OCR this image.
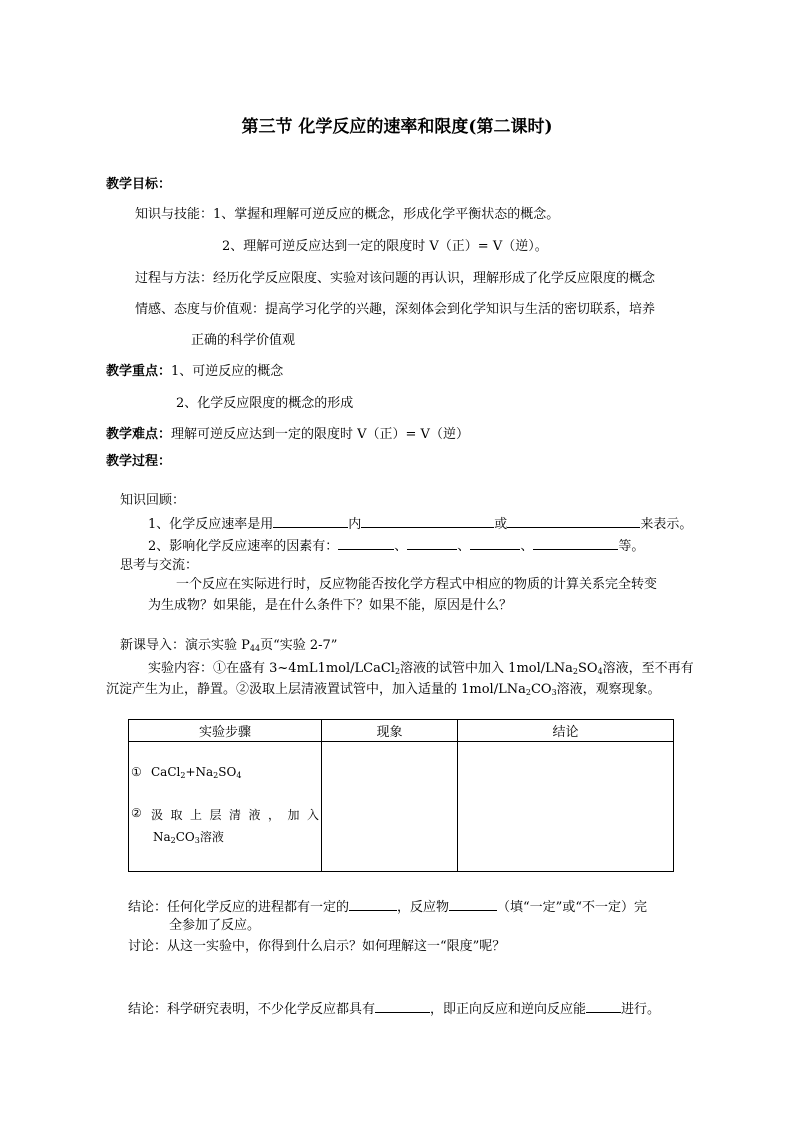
第三节 化学反应的速率和限度(第二课时)
教学目标：
知识与技能：1、掌握和理解可逆反应的概念，形成化学平衡状态的概念。
2、理解可逆反应达到一定的限度时 V（正）= V（逆）。
过程与方法：经历化学反应限度、实验对该问题的再认识，理解形成了化学反应限度的概念
情感、态度与价值观：提高学习化学的兴趣，深刻体会到化学知识与生活的密切联系，培养
正确的科学价值观
教学重点：1、可逆反应的概念
2、化学反应限度的概念的形成
教学难点：理解可逆反应达到一定的限度时 V（正）= V（逆）
教学过程：
知识回顾：
1、化学反应速率是用	内	或	来表示。
2、影响化学反应速率的因素有：	、	、	、	等。
思考与交流：
一个反应在实际进行时，反应物能否按化学方程式中相应的物质的计算关系完全转变
为生成物？如果能，是在什么条件下？如果不能，原因是什么？
新课导入：演示实验 $P_{44}$页“实验 2-7”
实验内容：①在盛有 3~4mL1mol/LCaCl$_2$溶液的试管中加入 $1mol/LNa_2SO_4$溶液，至不再有
沉淀产生为止，静置。②汲取上层清液置试管中，加入适量的 $1mol/LNa_2CO_3$溶液，观察现象。
实验步骤	现象	结论

① $CaCl_2+Na_2SO_4$
② 汲取上层清液，加入
$Na_2CO_3$溶液		

结论：任何化学反应的进程都有一定的	，反应物	（填“一定”或“不一定）完
全参加了反应。
讨论：从这一实验中，你得到什么启示？如何理解这一“限度”呢？
结论：科学研究表明，不少化学反应都具有	，即正向反应和逆向反应能	进行。
